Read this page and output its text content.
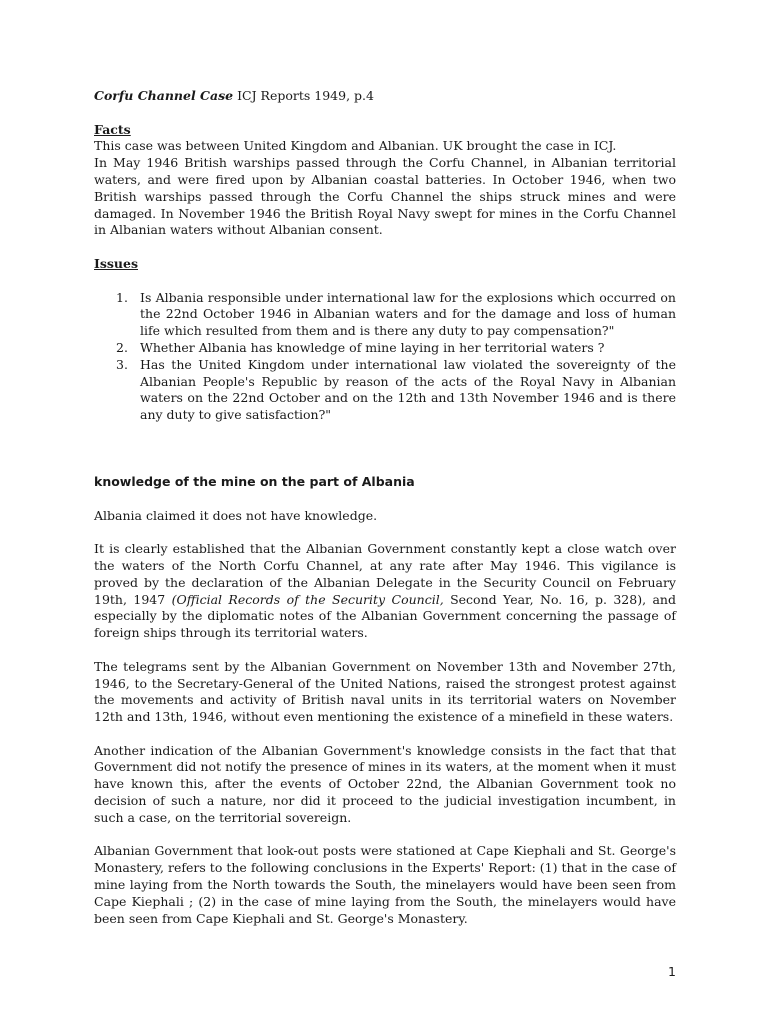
Corfu Channel Case ICJ Reports 1949, p.4

Facts

This case was between United Kingdom and Albanian. UK brought the case in ICJ.

In May 1946 British warships passed through the Corfu Channel, in Albanian territorial waters, and were fired upon by Albanian coastal batteries. In October 1946, when two British warships passed through the Corfu Channel the ships struck mines and were damaged. In November 1946 the British Royal Navy swept for mines in the Corfu Channel in Albanian waters without Albanian consent.

Issues

1. Is Albania responsible under international law for the explosions which occurred on the 22nd October 1946 in Albanian waters and for the damage and loss of human life which resulted from them and is there any duty to pay compensation?"
2. Whether Albania has knowledge of mine laying in her territorial waters ?
3. Has the United Kingdom under international law violated the sovereignty of the Albanian People's Republic by reason of the acts of the Royal Navy in Albanian waters on the 22nd October and on the 12th and 13th November 1946 and is there any duty to give satisfaction?"

knowledge of the mine on the part of Albania

Albania claimed it does not have knowledge.

It is clearly established that the Albanian Government constantly kept a close watch over the waters of the North Corfu Channel, at any rate after May 1946. This vigilance is proved by the declaration of the Albanian Delegate in the Security Council on February 19th, 1947 (Official Records of the Security Council, Second Year, No. 16, p. 328), and especially by the diplomatic notes of the Albanian Government concerning the passage of foreign ships through its territorial waters.

The telegrams sent by the Albanian Government on November 13th and November 27th, 1946, to the Secretary-General of the United Nations, raised the strongest protest against the movements and activity of British naval units in its territorial waters on November 12th and 13th, 1946, without even mentioning the existence of a minefield in these waters.

Another indication of the Albanian Government's knowledge consists in the fact that that Government did not notify the presence of mines in its waters, at the moment when it must have known this, after the events of October 22nd, the Albanian Government took no decision of such a nature, nor did it proceed to the judicial investigation incumbent, in such a case, on the territorial sovereign.

Albanian Government that look-out posts were stationed at Cape Kiephali and St. George's Monastery, refers to the following conclusions in the Experts' Report: (1) that in the case of mine laying from the North towards the South, the minelayers would have been seen from Cape Kiephali ; (2) in the case of mine laying from the South, the minelayers would have been seen from Cape Kiephali and St. George's Monastery.

1
